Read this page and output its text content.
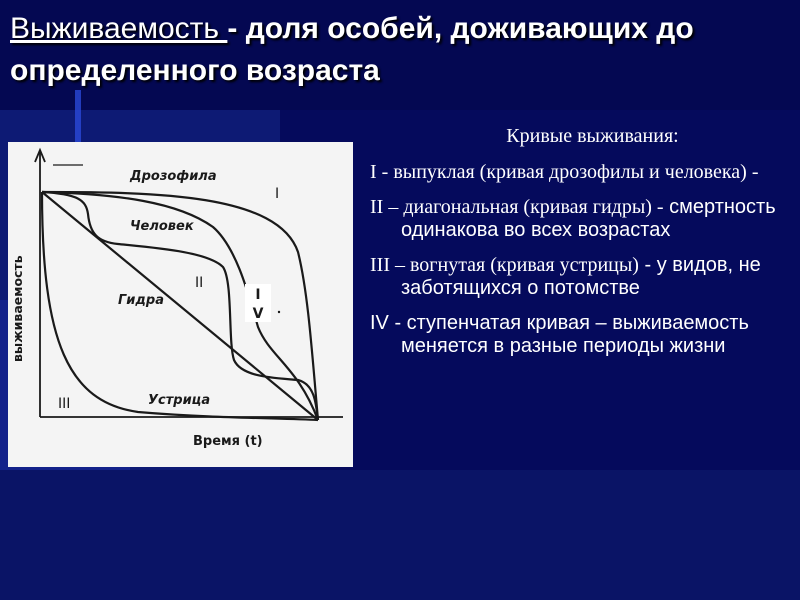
Выживаемость - доля особей, доживающих до определенного возраста
Дрозофила
Человек
Гидра
Устрица
I
II
III
I
V
выживаемость
Время (t)
Кривые выживания:

I - выпуклая (кривая дрозофилы и человека) -

II – диагональная (кривая гидры) - смертность одинакова во всех возрастах

III – вогнутая (кривая устрицы) - у видов, не заботящихся о потомстве

IV - ступенчатая кривая – выживаемость меняется в разные периоды жизни
